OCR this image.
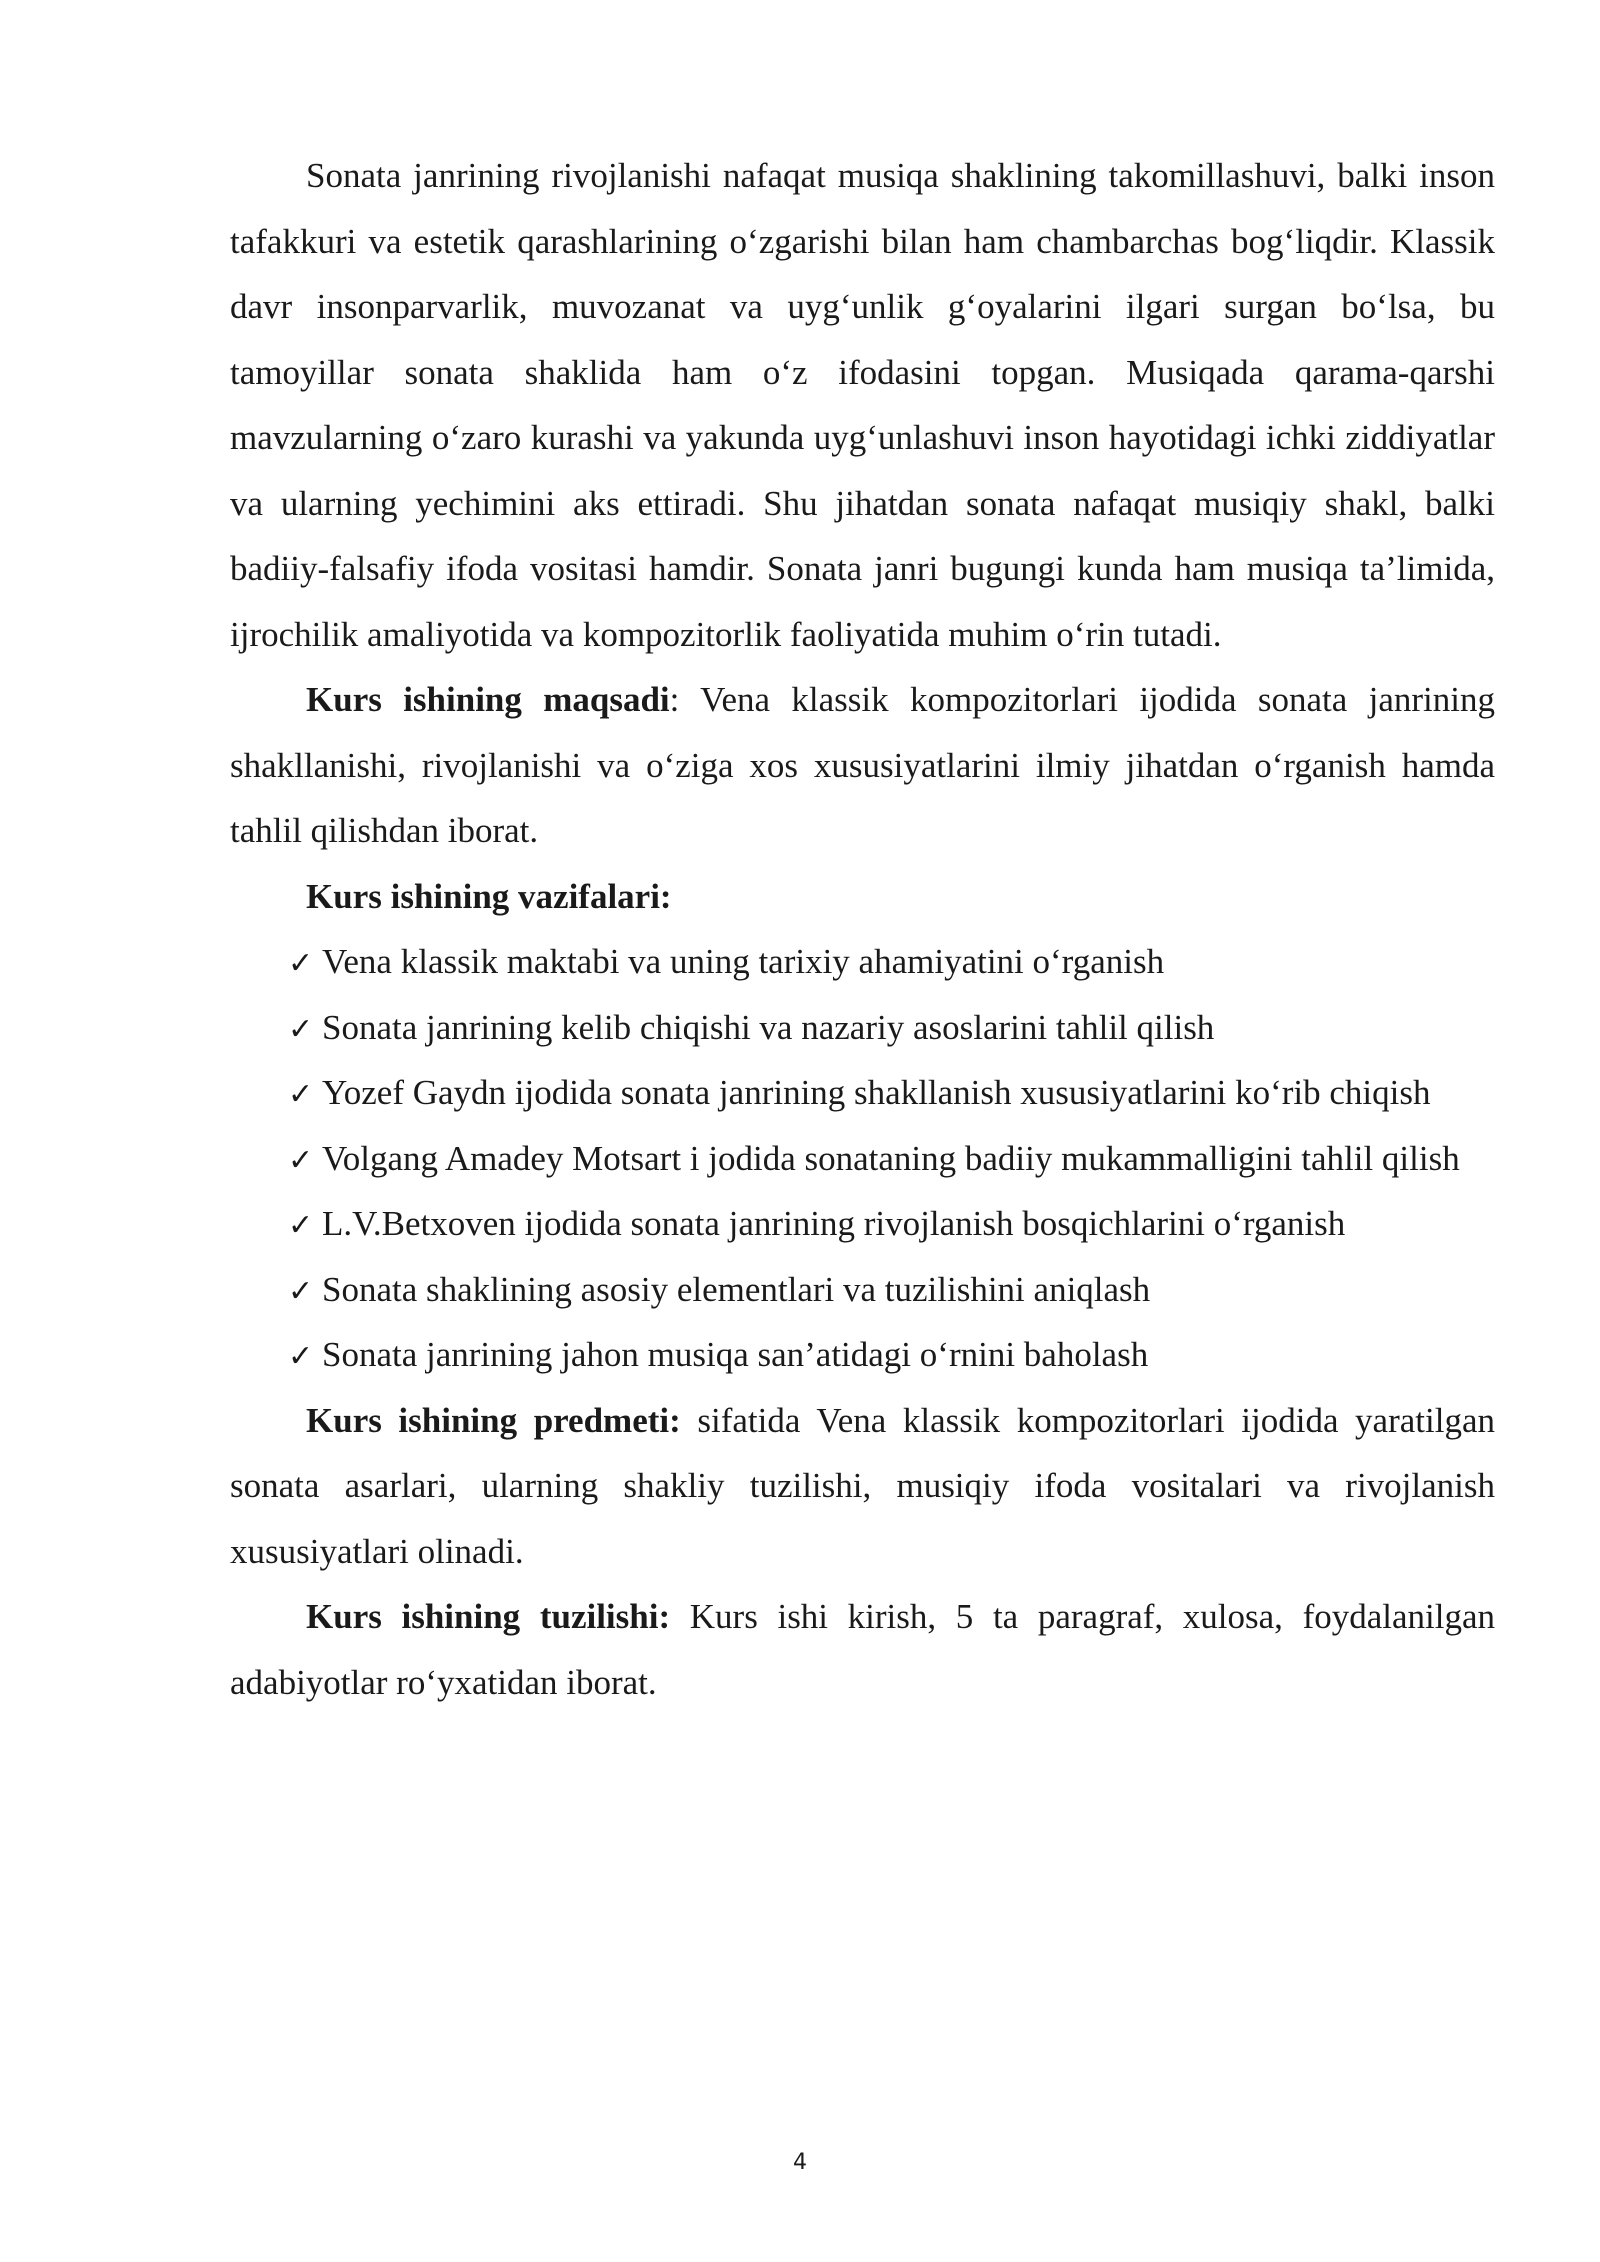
Sonata janrining rivojlanishi nafaqat musiqa shaklining takomillashuvi, balki inson tafakkuri va estetik qarashlarining o‘zgarishi bilan ham chambarchas bog‘liqdir. Klassik davr insonparvarlik, muvozanat va uyg‘unlik g‘oyalarini ilgari surgan bo‘lsa, bu tamoyillar sonata shaklida ham o‘z ifodasini topgan. Musiqada qarama-qarshi mavzularning o‘zaro kurashi va yakunda uyg‘unlashuvi inson hayotidagi ichki ziddiyatlar va ularning yechimini aks ettiradi. Shu jihatdan sonata nafaqat musiqiy shakl, balki badiiy-falsafiy ifoda vositasi hamdir. Sonata janri bugungi kunda ham musiqa ta’limida, ijrochilik amaliyotida va kompozitorlik faoliyatida muhim o‘rin tutadi.

Kurs ishining maqsadi: Vena klassik kompozitorlari ijodida sonata janrining shakllanishi, rivojlanishi va o‘ziga xos xususiyatlarini ilmiy jihatdan o‘rganish hamda tahlil qilishdan iborat.

Kurs ishining vazifalari:

✓ Vena klassik maktabi va uning tarixiy ahamiyatini o‘rganish

✓ Sonata janrining kelib chiqishi va nazariy asoslarini tahlil qilish

✓ Yozef Gaydn ijodida sonata janrining shakllanish xususiyatlarini ko‘rib chiqish

✓ Volgang Amadey Motsart i jodida sonataning badiiy mukammalligini tahlil qilish

✓ L.V.Betxoven ijodida sonata janrining rivojlanish bosqichlarini o‘rganish

✓ Sonata shaklining asosiy elementlari va tuzilishini aniqlash

✓ Sonata janrining jahon musiqa san’atidagi o‘rnini baholash

Kurs ishining predmeti: sifatida Vena klassik kompozitorlari ijodida yaratilgan sonata asarlari, ularning shakliy tuzilishi, musiqiy ifoda vositalari va rivojlanish xususiyatlari olinadi.

Kurs ishining tuzilishi: Kurs ishi kirish, 5 ta paragraf, xulosa, foydalanilgan adabiyotlar ro‘yxatidan iborat.

4
